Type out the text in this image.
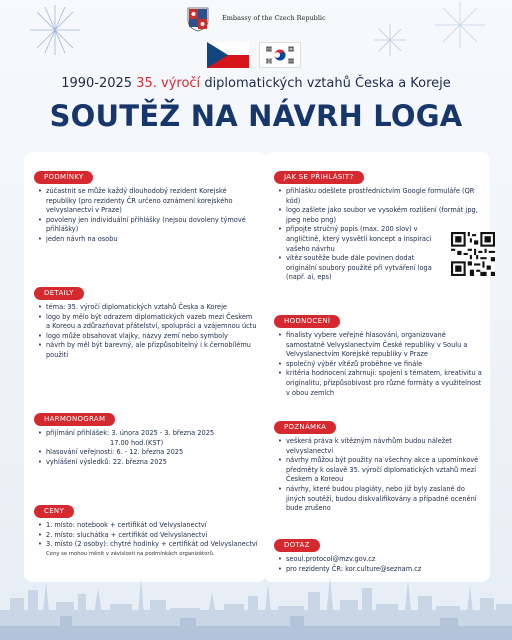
Embassy of the Czech Republic
1990-2025 35. výročí diplomatických vztahů Česka a Koreje
SOUTĚŽ NA NÁVRH LOGA
PODMÍNKY
• zúčastnit se může každý dlouhodobý rezident Korejské republiky (pro rezidenty ČR určeno oznámení korejského velvyslanectví v Praze)
• povoleny jen individuální přihlášky (nejsou dovoleny týmové přihlášky)
• jeden návrh na osobu
DETAILY
• téma: 35. výročí diplomatických vztahů Česka a Koreje
• logo by mělo být odrazem diplomatických vazeb mezi Českem a Koreou a zdůrazňovat přátelství, spolupráci a vzájemnou úctu
• logo může obsahovat vlajky, názvy zemí nebo symboly
• návrh by měl být barevný, ale přizpůsobitelný i k černobílému použití
HARMONOGRAM
• přijímání přihlášek: 3. února 2025 - 3. března 2025
17.00 hod.(KST)
• hlasování veřejnosti: 6. - 12. března 2025
• vyhlášení výsledků: 22. března 2025
CENY
• 1. místo: notebook + certifikát od Velvyslanectví
• 2. místo: sluchátka + certifikát od Velvyslanectví
• 3. místo (2 osoby): chytré hodinky + certifikát od Velvyslanectví
Ceny se mohou měnit v závislosti na podmínkách organizátorů.
JAK SE PŘIHLÁSIT?
• přihlášku odešlete prostřednictvím Google formuláře (QR kód)
• logo zašlete jako soubor ve vysokém rozlišení (formát jpg, jpeg nebo png)
• připojte stručný popis (max. 200 slov) v angličtině, který vysvětlí koncept a inspiraci vašeho návrhu
• vítěz soutěže bude dále povinen dodat originální soubory použité při vytváření loga (např. ai, eps)
HODNOCENÍ
• finalisty vybere veřejné hlasování, organizované samostatně Velvyslanectvím České republiky v Soulu a Velvyslanectvím Korejské republiky v Praze
• společný výběr vítězů proběhne ve finále
• kritéria hodnocení zahrnují: spojení s tématem, kreativitu a originalitu, přizpůsobivost pro různé formáty a využitelnost v obou zemích
POZNÁMKA
• veškerá práva k vítězným návrhům budou náležet velvyslanectví
• návrhy můžou být použity na všechny akce a upomínkové předměty k oslavě 35. výročí diplomatických vztahů mezi Českem a Koreou
• návrhy, které budou plagiáty, nebo již byly zaslané do jiných soutěží, budou diskvalifikovány a případné ocenění bude zrušeno
DOTAZ
• seoul.protocol@mzv.gov.cz
• pro rezidenty ČR: kor.culture@seznam.cz
